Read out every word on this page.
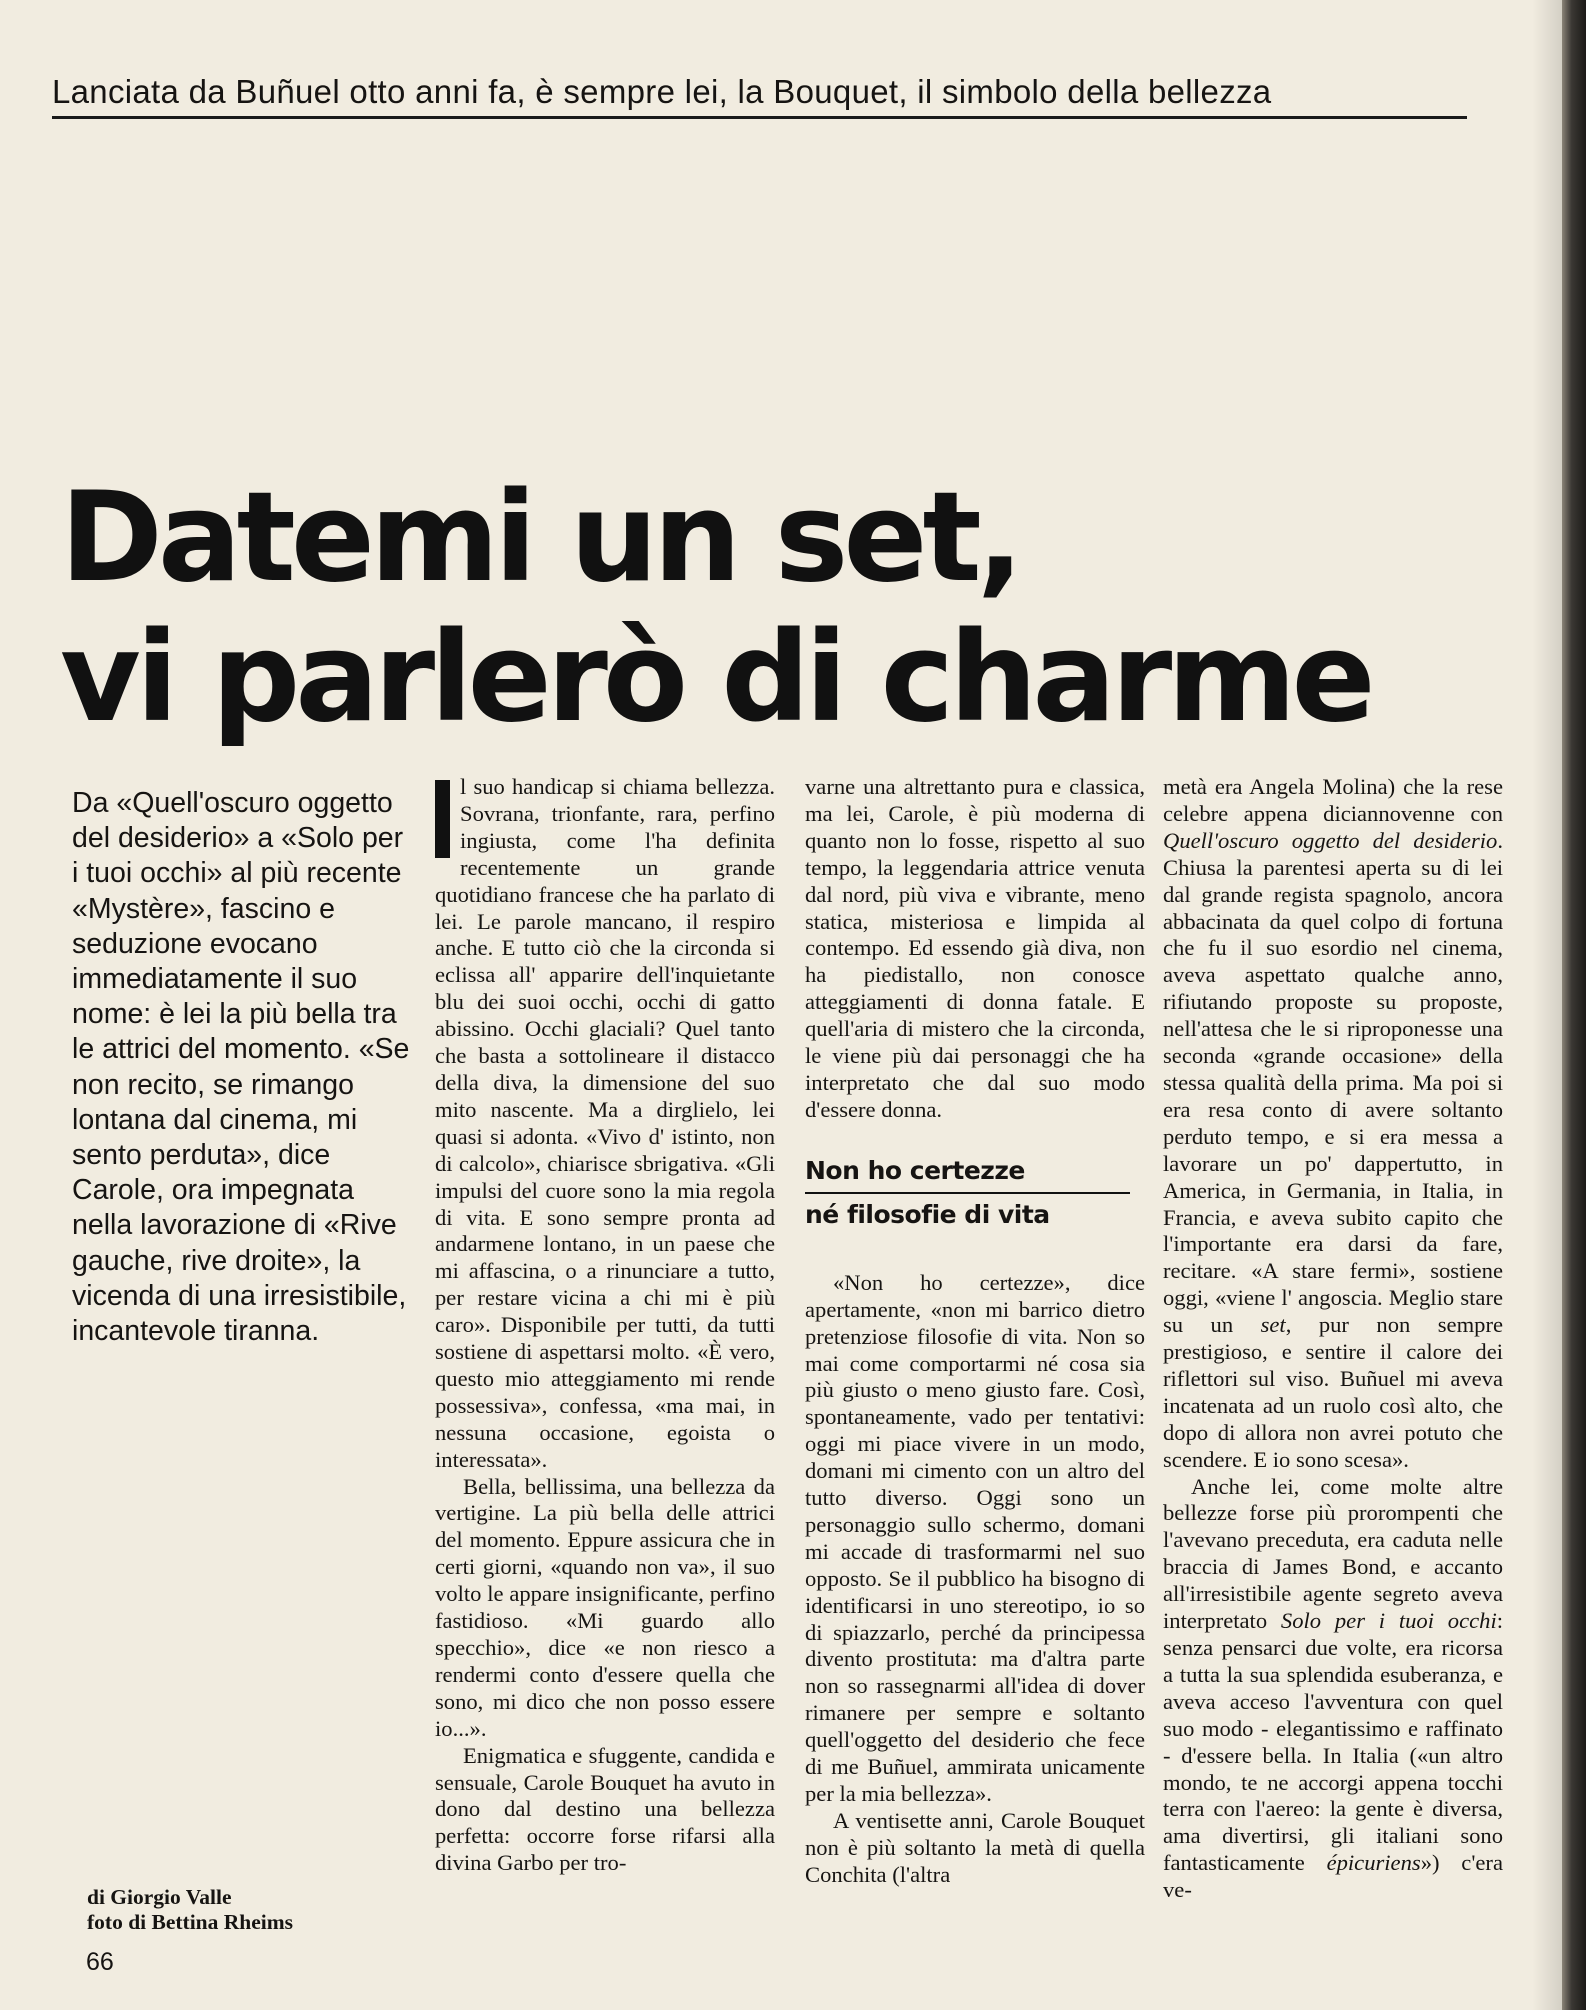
Lanciata da Buñuel otto anni fa, è sempre lei, la Bouquet, il simbolo della bellezza
Datemi un set,
vi parlerò di charme

Da «Quell'oscuro oggetto del desiderio» a «Solo per i tuoi occhi» al più recente «Mystère», fascino e seduzione evocano immediatamente il suo nome: è lei la più bella tra le attrici del momento. «Se non recito, se rimango lontana dal cinema, mi sento perduta», dice Carole, ora impegnata nella lavorazione di «Rive gauche, rive droite», la vicenda di una irresistibile, incantevole tiranna.

l suo handicap si chiama bellezza. Sovrana, trionfante, rara, perfino ingiusta, come l'ha definita recentemente un grande quotidiano francese che ha parlato di lei. Le parole mancano, il respiro anche. E tutto ciò che la circonda si eclissa all' apparire dell'inquietante blu dei suoi occhi, occhi di gatto abissino. Occhi glaciali? Quel tanto che basta a sottolineare il distacco della diva, la dimensione del suo mito nascente. Ma a dirglielo, lei quasi si adonta. «Vivo d' istinto, non di calcolo», chiarisce sbrigativa. «Gli impulsi del cuore sono la mia regola di vita. E sono sempre pronta ad andarmene lontano, in un paese che mi affascina, o a rinunciare a tutto, per restare vicina a chi mi è più caro». Disponibile per tutti, da tutti sostiene di aspettarsi molto. «È vero, questo mio atteggiamento mi rende possessiva», confessa, «ma mai, in nessuna occasione, egoista o interessata».

Bella, bellissima, una bellezza da vertigine. La più bella delle attrici del momento. Eppure assicura che in certi giorni, «quando non va», il suo volto le appare insignificante, perfino fastidioso. «Mi guardo allo specchio», dice «e non riesco a rendermi conto d'essere quella che sono, mi dico che non posso essere io...».

Enigmatica e sfuggente, candida e sensuale, Carole Bouquet ha avuto in dono dal destino una bellezza perfetta: occorre forse rifarsi alla divina Garbo per tro-

varne una altrettanto pura e classica, ma lei, Carole, è più moderna di quanto non lo fosse, rispetto al suo tempo, la leggendaria attrice venuta dal nord, più viva e vibrante, meno statica, misteriosa e limpida al contempo. Ed essendo già diva, non ha piedistallo, non conosce atteggiamenti di donna fatale. E quell'aria di mistero che la circonda, le viene più dai personaggi che ha interpretato che dal suo modo d'essere donna.

Non ho certezze
né filosofie di vita

«Non ho certezze», dice apertamente, «non mi barrico dietro pretenziose filosofie di vita. Non so mai come comportarmi né cosa sia più giusto o meno giusto fare. Così, spontaneamente, vado per tentativi: oggi mi piace vivere in un modo, domani mi cimento con un altro del tutto diverso. Oggi sono un personaggio sullo schermo, domani mi accade di trasformarmi nel suo opposto. Se il pubblico ha bisogno di identificarsi in uno stereotipo, io so di spiazzarlo, perché da principessa divento prostituta: ma d'altra parte non so rassegnarmi all'idea di dover rimanere per sempre e soltanto quell'oggetto del desiderio che fece di me Buñuel, ammirata unicamente per la mia bellezza».

A ventisette anni, Carole Bouquet non è più soltanto la metà di quella Conchita (l'altra

metà era Angela Molina) che la rese celebre appena diciannovenne con Quell'oscuro oggetto del desiderio. Chiusa la parentesi aperta su di lei dal grande regista spagnolo, ancora abbacinata da quel colpo di fortuna che fu il suo esordio nel cinema, aveva aspettato qualche anno, rifiutando proposte su proposte, nell'attesa che le si riproponesse una seconda «grande occasione» della stessa qualità della prima. Ma poi si era resa conto di avere soltanto perduto tempo, e si era messa a lavorare un po' dappertutto, in America, in Germania, in Italia, in Francia, e aveva subito capito che l'importante era darsi da fare, recitare. «A stare fermi», sostiene oggi, «viene l' angoscia. Meglio stare su un set, pur non sempre prestigioso, e sentire il calore dei riflettori sul viso. Buñuel mi aveva incatenata ad un ruolo così alto, che dopo di allora non avrei potuto che scendere. E io sono scesa».

Anche lei, come molte altre bellezze forse più prorompenti che l'avevano preceduta, era caduta nelle braccia di James Bond, e accanto all'irresistibile agente segreto aveva interpretato Solo per i tuoi occhi: senza pensarci due volte, era ricorsa a tutta la sua splendida esuberanza, e aveva acceso l'avventura con quel suo modo - elegantissimo e raffinato - d'essere bella. In Italia («un altro mondo, te ne accorgi appena tocchi terra con l'aereo: la gente è diversa, ama divertirsi, gli italiani sono fantasticamente épicuriens») c'era ve-

di Giorgio Valle
foto di Bettina Rheims
66
